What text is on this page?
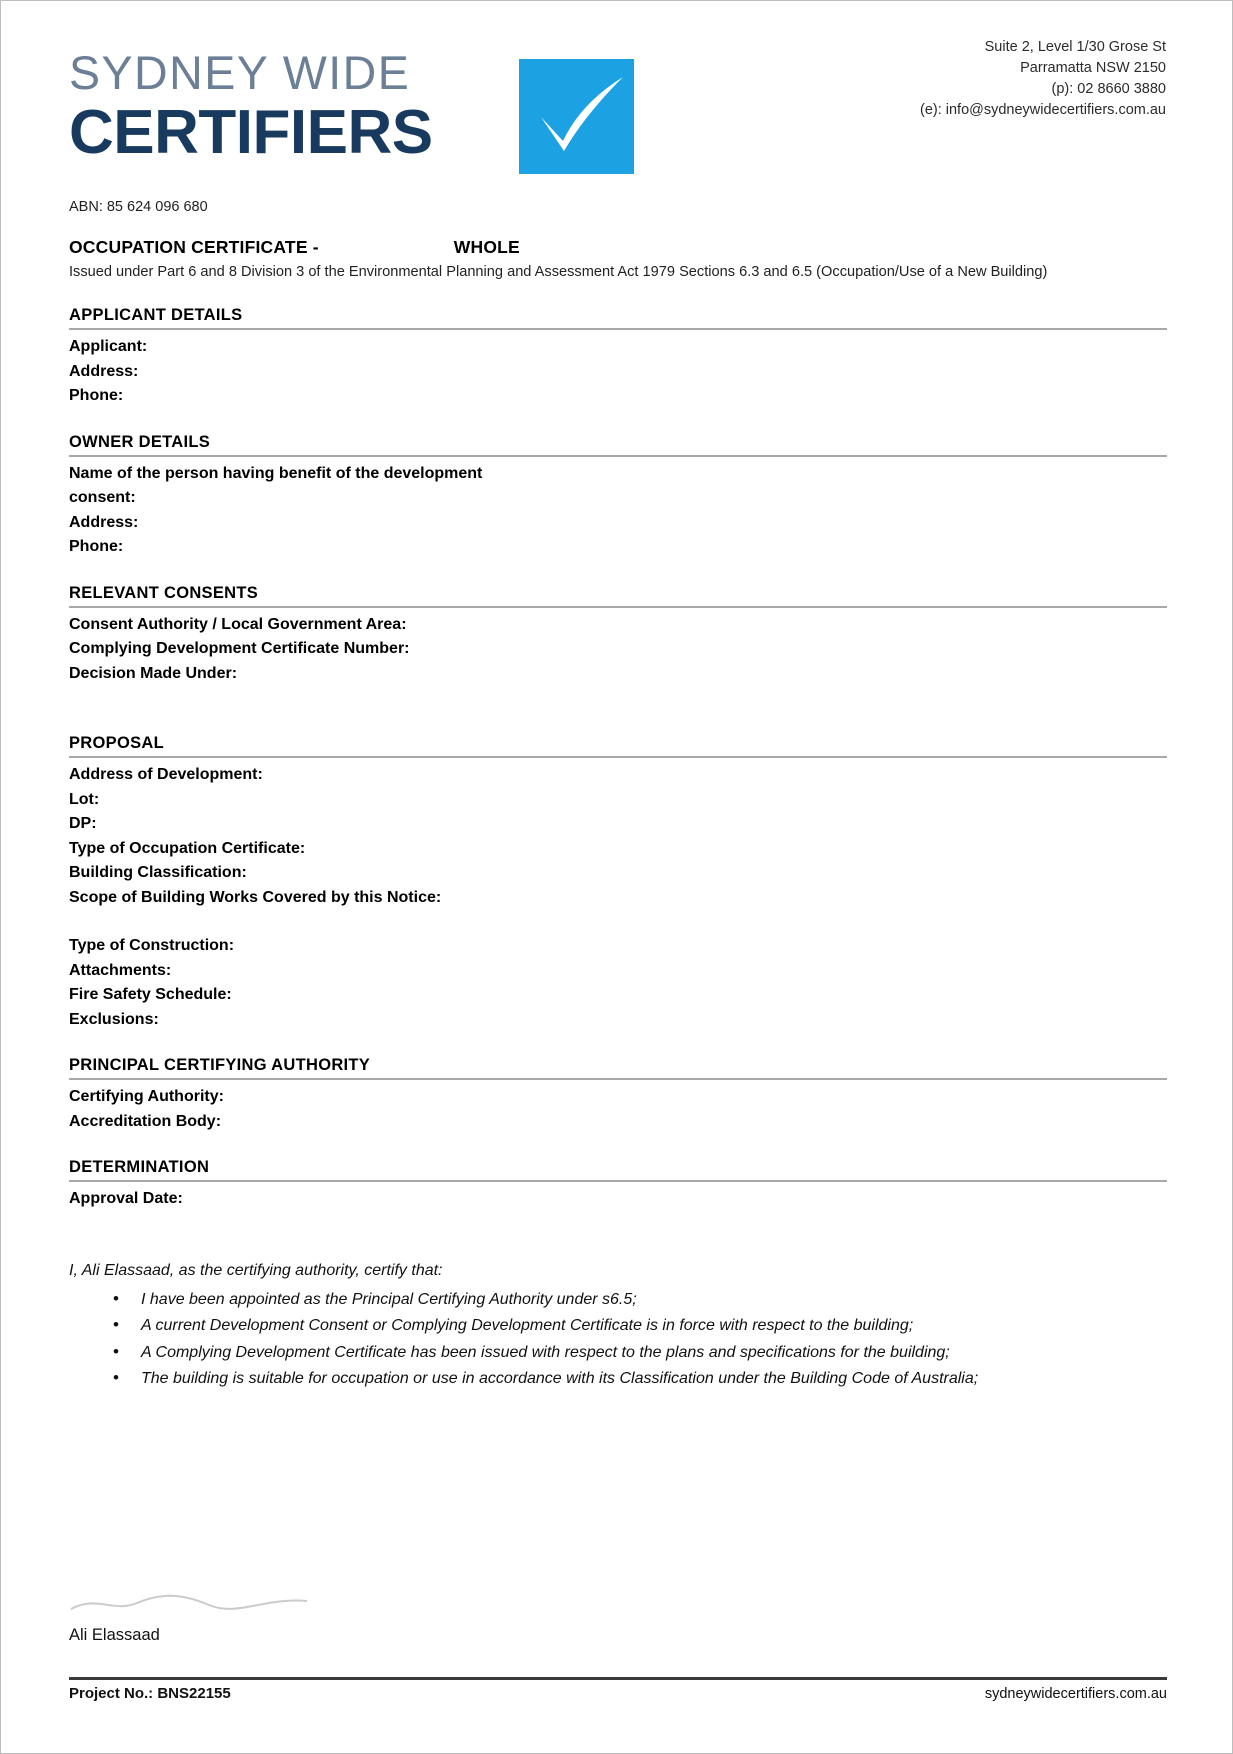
SYDNEY WIDE
CERTIFIERS
Suite 2, Level 1/30 Grose St
Parramatta NSW 2150
(p): 02 8660 3880
(e): info@sydneywidecertifiers.com.au
ABN: 85 624 096 680
OCCUPATION CERTIFICATE -	WHOLE
Issued under Part 6 and 8 Division 3 of the Environmental Planning and Assessment Act 1979 Sections 6.3 and 6.5 (Occupation/Use of a New Building)
APPLICANT DETAILS
Applicant:
Address:
Phone:
OWNER DETAILS
Name of the person having benefit of the development
consent:
Address:
Phone:
RELEVANT CONSENTS
Consent Authority / Local Government Area:
Complying Development Certificate Number:
Decision Made Under:
PROPOSAL
Address of Development:
Lot:
DP:
Type of Occupation Certificate:
Building Classification:
Scope of Building Works Covered by this Notice:
Type of Construction:
Attachments:
Fire Safety Schedule:
Exclusions:
PRINCIPAL CERTIFYING AUTHORITY
Certifying Authority:
Accreditation Body:
DETERMINATION
Approval Date:
I, Ali Elassaad, as the certifying authority, certify that:
• I have been appointed as the Principal Certifying Authority under s6.5;
• A current Development Consent or Complying Development Certificate is in force with respect to the building;
• A Complying Development Certificate has been issued with respect to the plans and specifications for the building;
• The building is suitable for occupation or use in accordance with its Classification under the Building Code of Australia;
Ali Elassaad
Project No.: BNS22155	sydneywidecertifiers.com.au
